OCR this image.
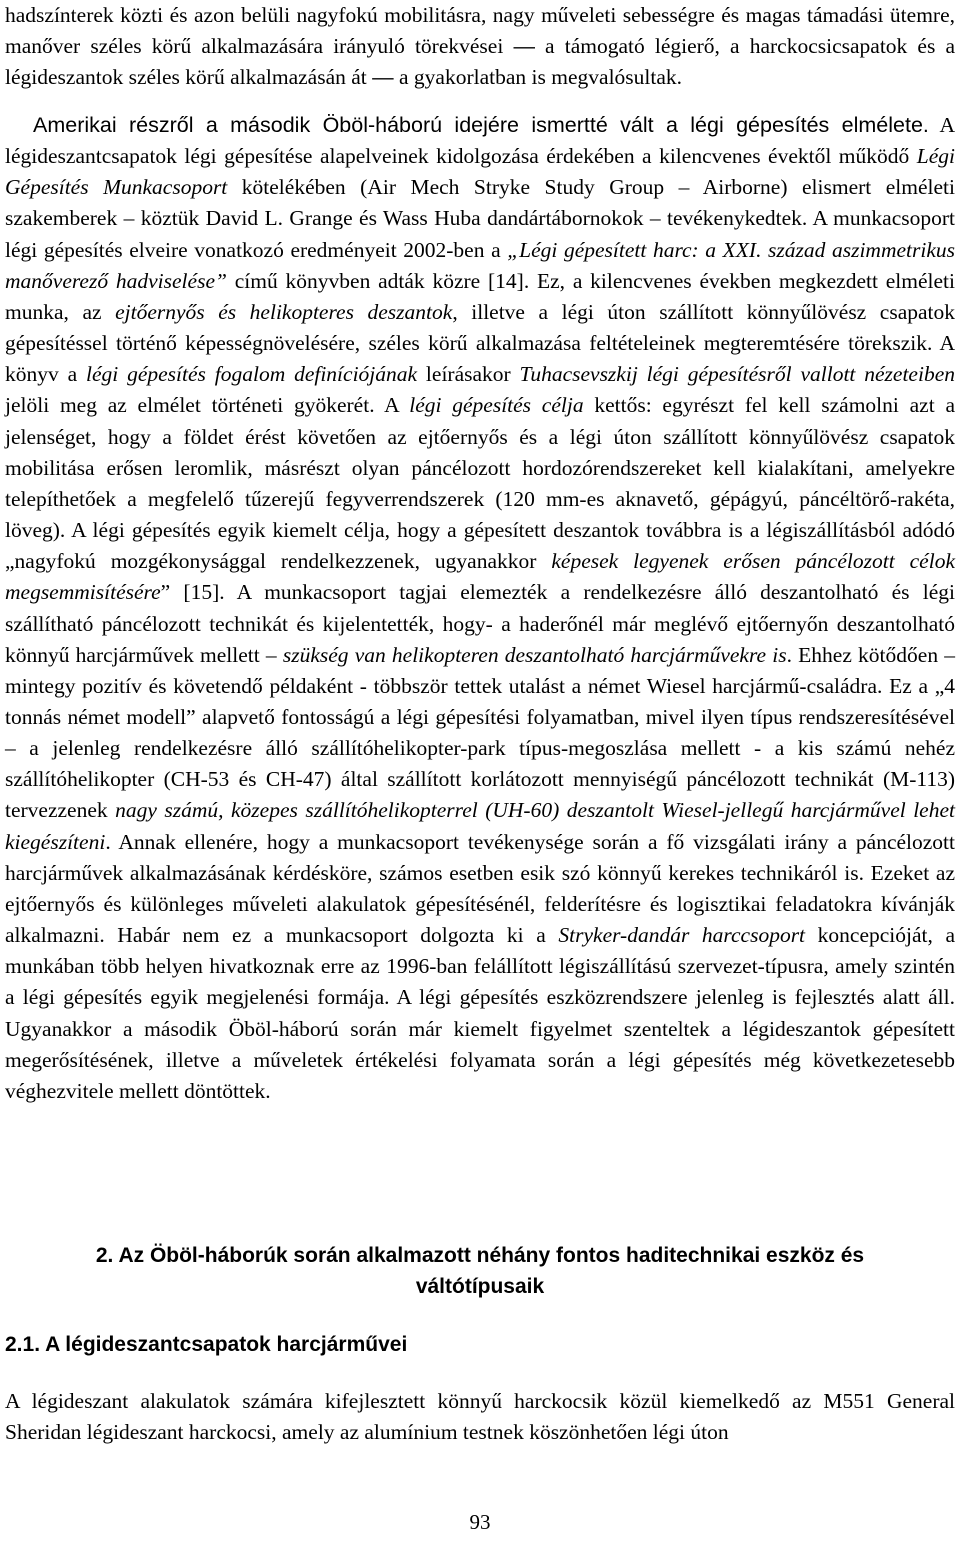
hadszínterek közti és azon belüli nagyfokú mobilitásra, nagy műveleti sebességre és magas támadási ütemre, manőver széles körű alkalmazására irányuló törekvései — a támogató légierő, a harckocsicsapatok és a légideszantok széles körű alkalmazásán át — a gyakorlatban is megvalósultak.

Amerikai részről a második Öböl-háború idejére ismertté vált a légi gépesítés elmélete. A légideszantcsapatok légi gépesítése alapelveinek kidolgozása érdekében a kilencvenes évektől működő Légi Gépesítés Munkacsoport kötelékében (Air Mech Stryke Study Group – Airborne) elismert elméleti szakemberek – köztük David L. Grange és Wass Huba dandártábornokok – tevékenykedtek. A munkacsoport légi gépesítés elveire vonatkozó eredményeit 2002-ben a „Légi gépesített harc: a XXI. század aszimmetrikus manőverező hadviselése” című könyvben adták közre [14]. Ez, a kilencvenes években megkezdett elméleti munka, az ejtőernyős és helikopteres deszantok, illetve a légi úton szállított könnyűlövész csapatok gépesítéssel történő képességnövelésére, széles körű alkalmazása feltételeinek megteremtésére törekszik. A könyv a légi gépesítés fogalom definíciójának leírásakor Tuhacsevszkij légi gépesítésről vallott nézeteiben jelöli meg az elmélet történeti gyökerét. A légi gépesítés célja kettős: egyrészt fel kell számolni azt a jelenséget, hogy a földet érést követően az ejtőernyős és a légi úton szállított könnyűlövész csapatok mobilitása erősen leromlik, másrészt olyan páncélozott hordozórendszereket kell kialakítani, amelyekre telepíthetőek a megfelelő tűzerejű fegyverrendszerek (120 mm-es aknavető, gépágyú, páncéltörő-rakéta, löveg). A légi gépesítés egyik kiemelt célja, hogy a gépesített deszantok továbbra is a légiszállításból adódó „nagyfokú mozgékonysággal rendelkezzenek, ugyanakkor képesek legyenek erősen páncélozott célok megsemmisítésére” [15]. A munkacsoport tagjai elemezték a rendelkezésre álló deszantolható és légi szállítható páncélozott technikát és kijelentették, hogy- a haderőnél már meglévő ejtőernyőn deszantolható könnyű harcjárművek mellett – szükség van helikopteren deszantolható harcjárművekre is. Ehhez kötődően – mintegy pozitív és követendő példaként - többször tettek utalást a német Wiesel harcjármű-családra. Ez a „4 tonnás német modell” alapvető fontosságú a légi gépesítési folyamatban, mivel ilyen típus rendszeresítésével – a jelenleg rendelkezésre álló szállítóhelikopter-park típus-megoszlása mellett - a kis számú nehéz szállítóhelikopter (CH-53 és CH-47) által szállított korlátozott mennyiségű páncélozott technikát (M-113) tervezzenek nagy számú, közepes szállítóhelikopterrel (UH-60) deszantolt Wiesel-jellegű harcjárművel lehet kiegészíteni. Annak ellenére, hogy a munkacsoport tevékenysége során a fő vizsgálati irány a páncélozott harcjárművek alkalmazásának kérdésköre, számos esetben esik szó könnyű kerekes technikáról is. Ezeket az ejtőernyős és különleges műveleti alakulatok gépesítésénél, felderítésre és logisztikai feladatokra kívánják alkalmazni. Habár nem ez a munkacsoport dolgozta ki a Stryker-dandár harccsoport koncepcióját, a munkában több helyen hivatkoznak erre az 1996-ban felállított légiszállítású szervezet-típusra, amely szintén a légi gépesítés egyik megjelenési formája. A légi gépesítés eszközrendszere jelenleg is fejlesztés alatt áll. Ugyanakkor a második Öböl-háború során már kiemelt figyelmet szenteltek a légideszantok gépesített megerősítésének, illetve a műveletek értékelési folyamata során a légi gépesítés még következetesebb véghezvitele mellett döntöttek.

2. Az Öböl-háborúk során alkalmazott néhány fontos haditechnikai eszköz és váltótípusaik
2.1. A légideszantcsapatok harcjárművei

A légideszant alakulatok számára kifejlesztett könnyű harckocsik közül kiemelkedő az M551 General Sheridan légideszant harckocsi, amely az alumínium testnek köszönhetően légi úton

93
